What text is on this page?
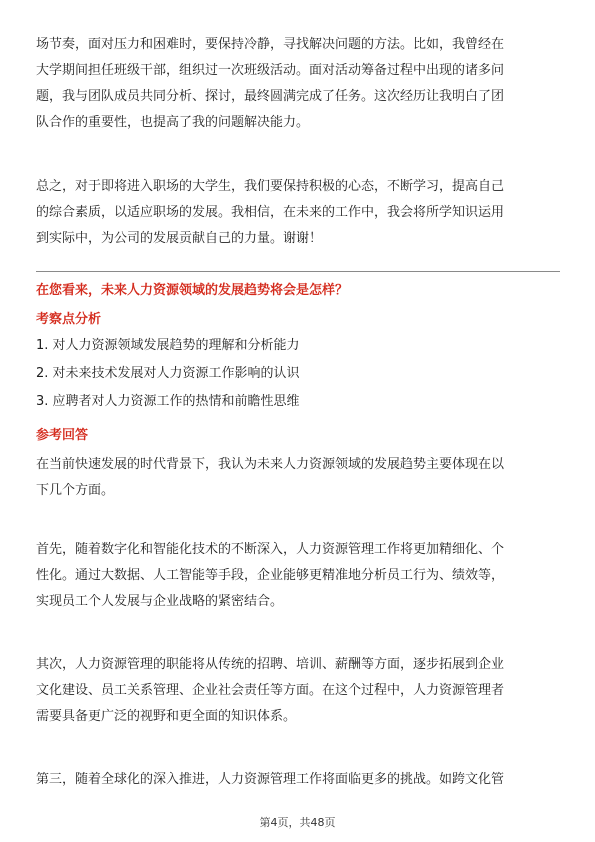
场节奏，面对压力和困难时，要保持冷静，寻找解决问题的方法。比如，我曾经在
大学期间担任班级干部，组织过一次班级活动。面对活动筹备过程中出现的诸多问
题，我与团队成员共同分析、探讨，最终圆满完成了任务。这次经历让我明白了团
队合作的重要性，也提高了我的问题解决能力。

总之，对于即将进入职场的大学生，我们要保持积极的心态，不断学习，提高自己
的综合素质，以适应职场的发展。我相信，在未来的工作中，我会将所学知识运用
到实际中，为公司的发展贡献自己的力量。谢谢！

在您看来，未来人力资源领域的发展趋势将会是怎样？

考察点分析

1. 对人力资源领域发展趋势的理解和分析能力

2. 对未来技术发展对人力资源工作影响的认识

3. 应聘者对人力资源工作的热情和前瞻性思维

参考回答

在当前快速发展的时代背景下，我认为未来人力资源领域的发展趋势主要体现在以
下几个方面。

首先，随着数字化和智能化技术的不断深入，人力资源管理工作将更加精细化、个
性化。通过大数据、人工智能等手段，企业能够更精准地分析员工行为、绩效等，
实现员工个人发展与企业战略的紧密结合。

其次，人力资源管理的职能将从传统的招聘、培训、薪酬等方面，逐步拓展到企业
文化建设、员工关系管理、企业社会责任等方面。在这个过程中，人力资源管理者
需要具备更广泛的视野和更全面的知识体系。

第三，随着全球化的深入推进，人力资源管理工作将面临更多的挑战。如跨文化管

第4页，共48页
